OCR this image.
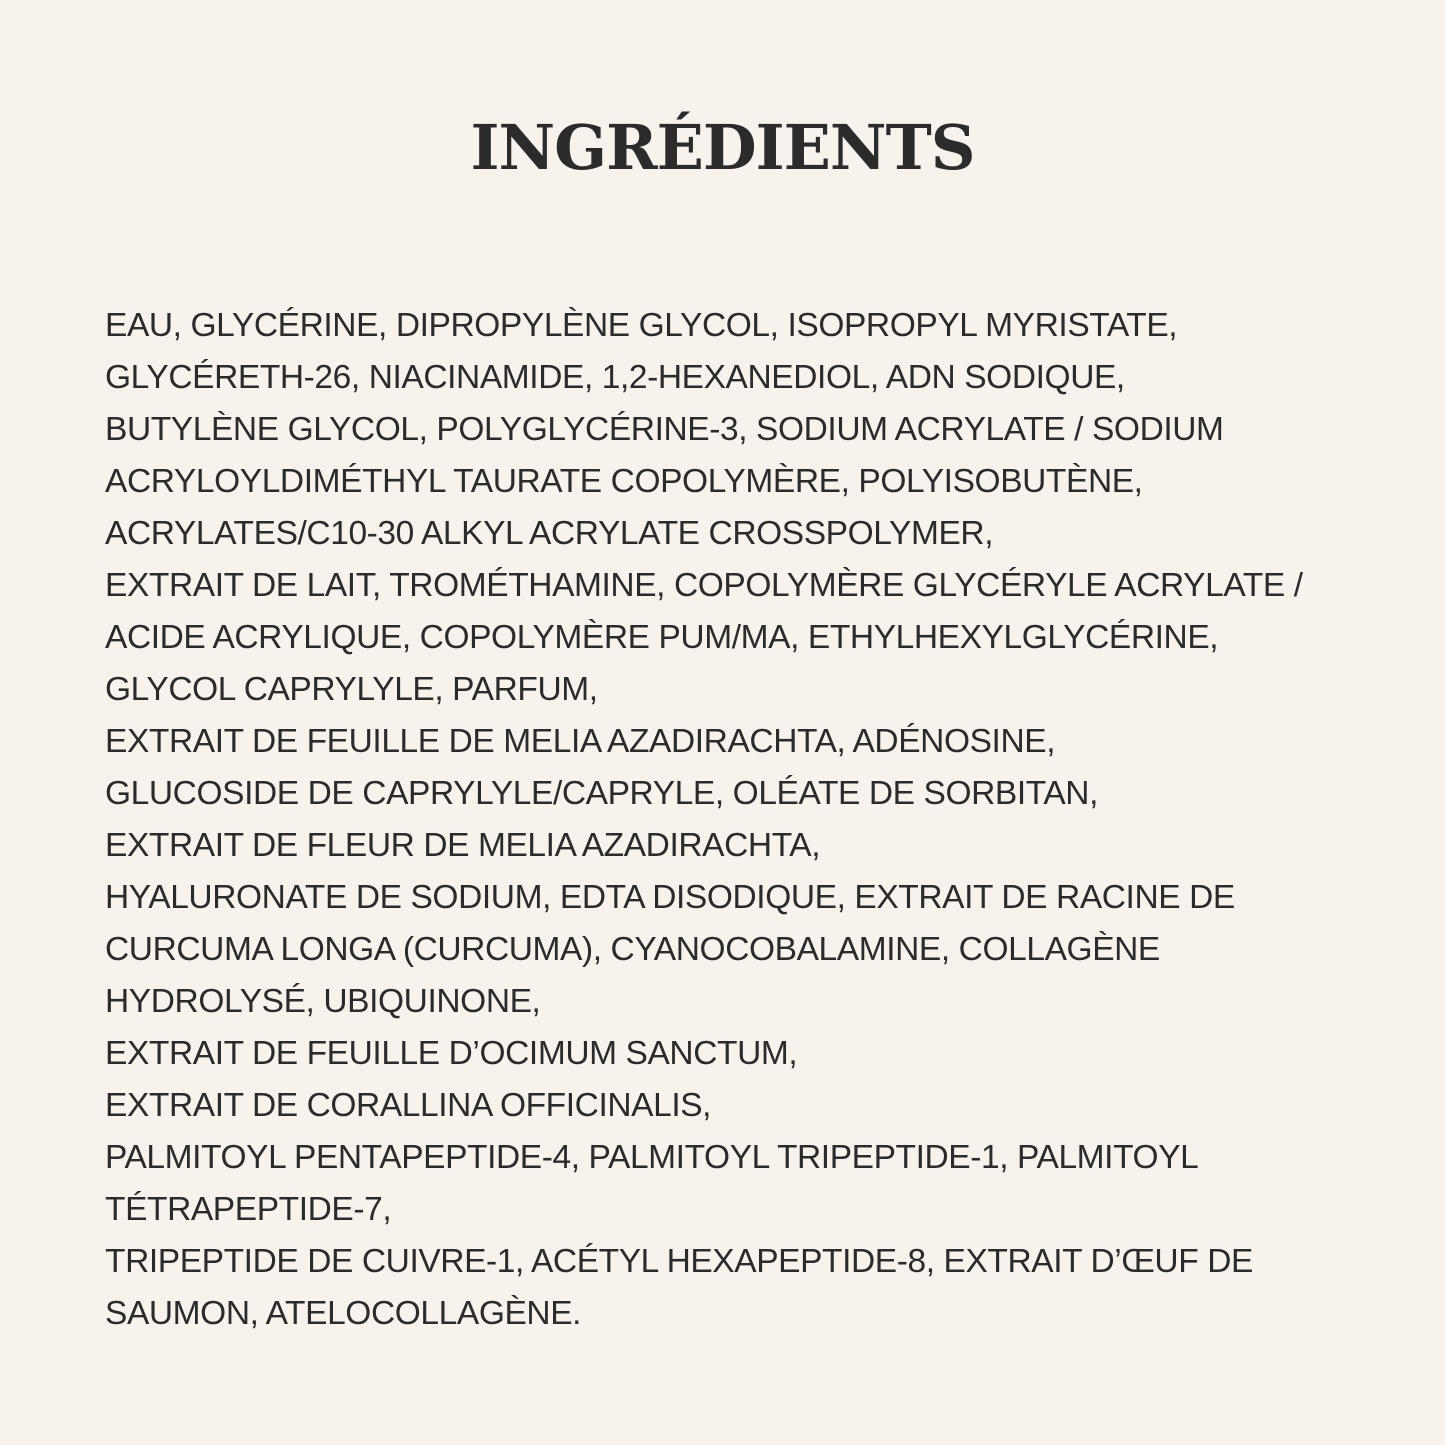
INGRÉDIENTS
EAU, GLYCÉRINE, DIPROPYLÈNE GLYCOL, ISOPROPYL MYRISTATE,
GLYCÉRETH-26, NIACINAMIDE, 1,2-HEXANEDIOL, ADN SODIQUE,
BUTYLÈNE GLYCOL, POLYGLYCÉRINE-3, SODIUM ACRYLATE / SODIUM
ACRYLOYLDIMÉTHYL TAURATE COPOLYMÈRE, POLYISOBUTÈNE,
ACRYLATES/C10-30 ALKYL ACRYLATE CROSSPOLYMER,
EXTRAIT DE LAIT, TROMÉTHAMINE, COPOLYMÈRE GLYCÉRYLE ACRYLATE /
ACIDE ACRYLIQUE, COPOLYMÈRE PUM/MA, ETHYLHEXYLGLYCÉRINE,
GLYCOL CAPRYLYLE, PARFUM,
EXTRAIT DE FEUILLE DE MELIA AZADIRACHTA, ADÉNOSINE,
GLUCOSIDE DE CAPRYLYLE/CAPRYLE, OLÉATE DE SORBITAN,
EXTRAIT DE FLEUR DE MELIA AZADIRACHTA,
HYALURONATE DE SODIUM, EDTA DISODIQUE, EXTRAIT DE RACINE DE
CURCUMA LONGA (CURCUMA), CYANOCOBALAMINE, COLLAGÈNE
HYDROLYSÉ, UBIQUINONE,
EXTRAIT DE FEUILLE D’OCIMUM SANCTUM,
EXTRAIT DE CORALLINA OFFICINALIS,
PALMITOYL PENTAPEPTIDE-4, PALMITOYL TRIPEPTIDE-1, PALMITOYL
TÉTRAPEPTIDE-7,
TRIPEPTIDE DE CUIVRE-1, ACÉTYL HEXAPEPTIDE-8, EXTRAIT D’ŒUF DE
SAUMON, ATELOCOLLAGÈNE.
